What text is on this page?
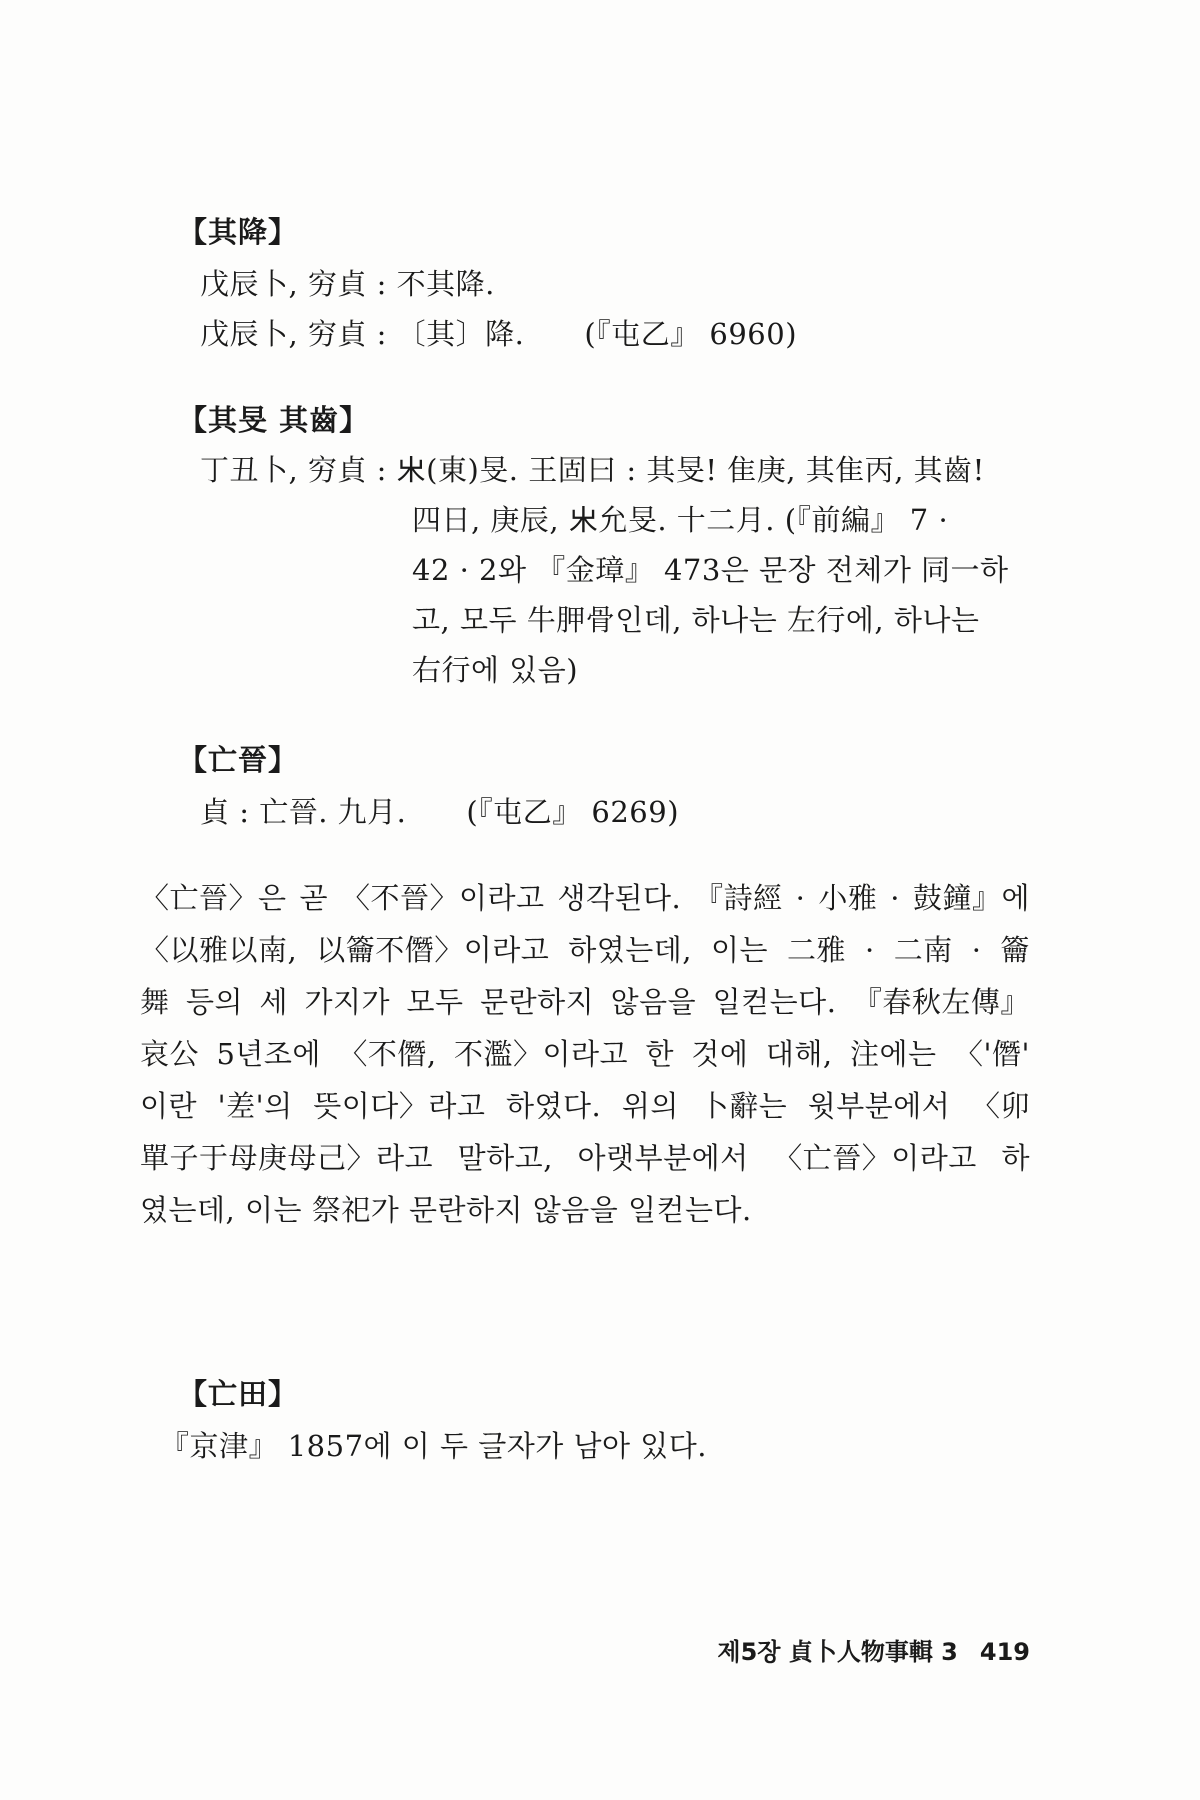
【其降】
戊辰卜, 穷貞 : 不其降.
戊辰卜, 穷貞 : 〔其〕降. (『屯乙』 6960)
【其旻 其齒】
丁丑卜, 穷貞 : 𣎵(東)旻. 王固曰 : 其旻! 隹庚, 其隹丙, 其齒!
四日, 庚辰, 𣎵允旻. 十二月. (『前編』 7 ·
42 · 2와 『金璋』 473은 문장 전체가 同一하
고, 모두 牛胛骨인데, 하나는 左行에, 하나는
右行에 있음)
【亡晉】
貞 : 亡晉. 九月. (『屯乙』 6269)
〈亡晉〉은 곧 〈不晉〉이라고 생각된다. 『詩經 · 小雅 · 鼓鐘』에
〈以雅以南, 以籥不僭〉이라고 하였는데, 이는 二雅 · 二南 · 籥
舞 등의 세 가지가 모두 문란하지 않음을 일컫는다. 『春秋左傳』
哀公 5년조에 〈不僭, 不濫〉이라고 한 것에 대해, 注에는 〈'僭'
이란 '差'의 뜻이다〉라고 하였다. 위의 卜辭는 윗부분에서 〈卯
單子于母庚母己〉라고 말하고, 아랫부분에서 〈亡晉〉이라고 하
였는데, 이는 祭祀가 문란하지 않음을 일컫는다.
【亡田】
『京津』 1857에 이 두 글자가 남아 있다.
제5장 貞卜人物事輯 3 419
